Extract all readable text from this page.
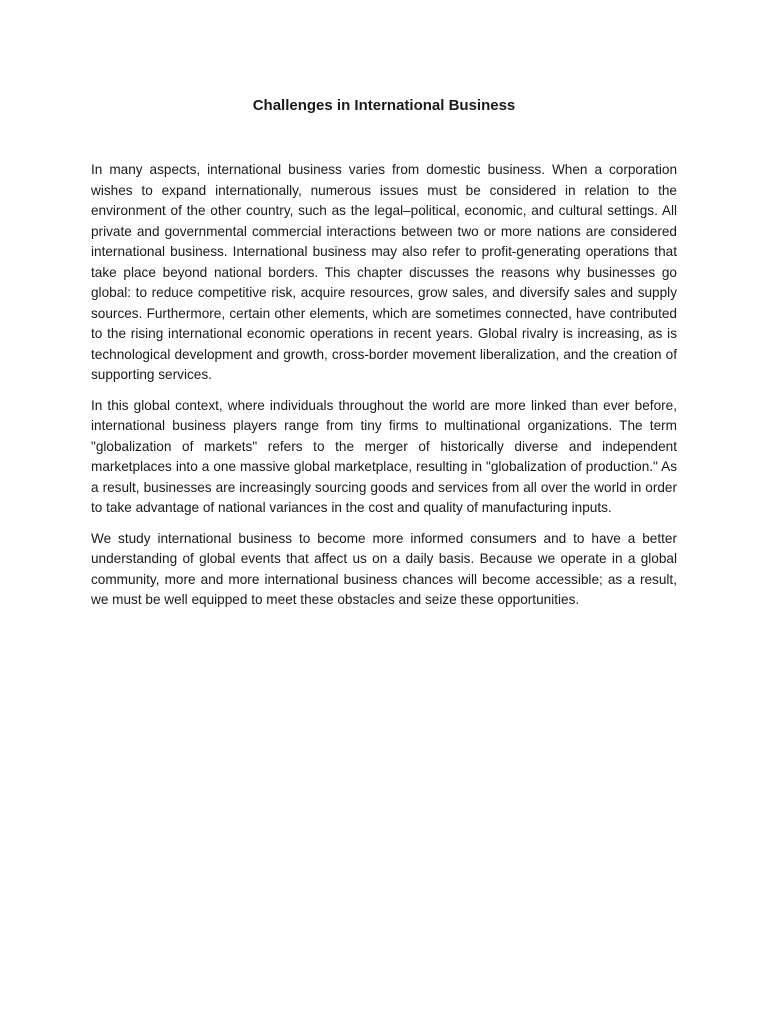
Challenges in International Business

In many aspects, international business varies from domestic business. When a corporation wishes to expand internationally, numerous issues must be considered in relation to the environment of the other country, such as the legal–political, economic, and cultural settings. All private and governmental commercial interactions between two or more nations are considered international business. International business may also refer to profit-generating operations that take place beyond national borders. This chapter discusses the reasons why businesses go global: to reduce competitive risk, acquire resources, grow sales, and diversify sales and supply sources. Furthermore, certain other elements, which are sometimes connected, have contributed to the rising international economic operations in recent years. Global rivalry is increasing, as is technological development and growth, cross-border movement liberalization, and the creation of supporting services.

In this global context, where individuals throughout the world are more linked than ever before, international business players range from tiny firms to multinational organizations. The term "globalization of markets" refers to the merger of historically diverse and independent marketplaces into a one massive global marketplace, resulting in "globalization of production." As a result, businesses are increasingly sourcing goods and services from all over the world in order to take advantage of national variances in the cost and quality of manufacturing inputs.

We study international business to become more informed consumers and to have a better understanding of global events that affect us on a daily basis. Because we operate in a global community, more and more international business chances will become accessible; as a result, we must be well equipped to meet these obstacles and seize these opportunities.
